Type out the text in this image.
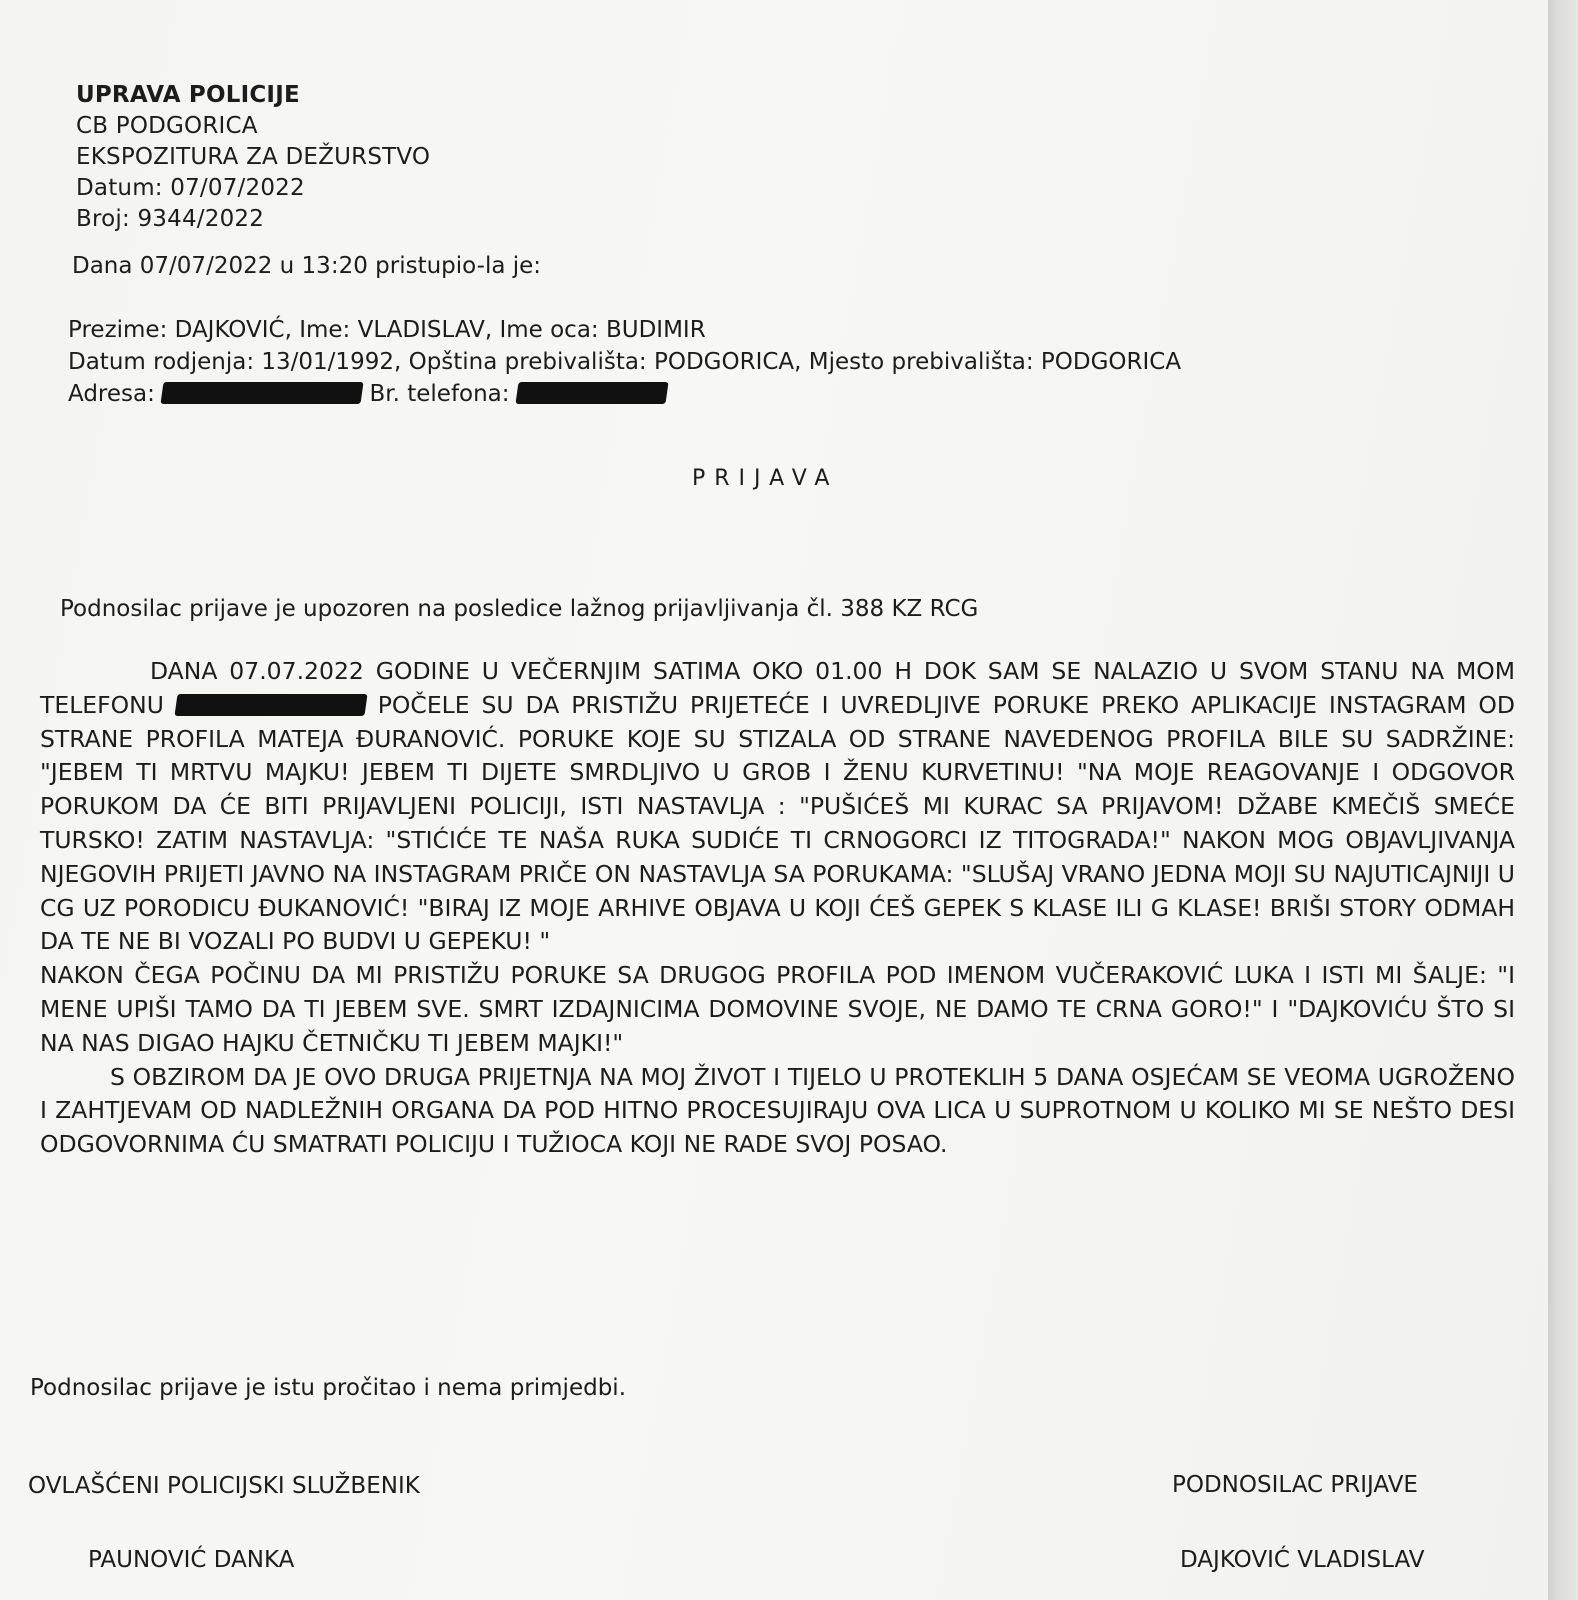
UPRAVA POLICIJE
CB PODGORICA
EKSPOZITURA ZA DEŽURSTVO
Datum: 07/07/2022
Broj: 9344/2022
Dana 07/07/2022 u 13:20 pristupio-la je:
Prezime: DAJKOVIĆ, Ime: VLADISLAV, Ime oca: BUDIMIR
Datum rodjenja: 13/01/1992, Opština prebivališta: PODGORICA, Mjesto prebivališta: PODGORICA
Adresa:	Br. telefona:
PRIJAVA
Podnosilac prijave je upozoren na posledice lažnog prijavljivanja čl. 388 KZ RCG

DANA 07.07.2022 GODINE U VEČERNJIM SATIMA OKO 01.00 H DOK SAM SE NALAZIO U SVOM STANU NA MOM TELEFONU	POČELE SU DA PRISTIŽU PRIJETEĆE I UVREDLJIVE PORUKE PREKO APLIKACIJE INSTAGRAM OD STRANE PROFILA MATEJA ĐURANOVIĆ. PORUKE KOJE SU STIZALA OD STRANE NAVEDENOG PROFILA BILE SU SADRŽINE: "JEBEM TI MRTVU MAJKU! JEBEM TI DIJETE SMRDLJIVO U GROB I ŽENU KURVETINU! "NA MOJE REAGOVANJE I ODGOVOR PORUKOM DA ĆE BITI PRIJAVLJENI POLICIJI, ISTI NASTAVLJA : "PUŠIĆEŠ MI KURAC SA PRIJAVOM! DŽABE KMEČIŠ SMEĆE TURSKO! ZATIM NASTAVLJA: "STIĆIĆE TE NAŠA RUKA SUDIĆE TI CRNOGORCI IZ TITOGRADA!" NAKON MOG OBJAVLJIVANJA NJEGOVIH PRIJETI JAVNO NA INSTAGRAM PRIČE ON NASTAVLJA SA PORUKAMA: "SLUŠAJ VRANO JEDNA MOJI SU NAJUTICAJNIJI U CG UZ PORODICU ĐUKANOVIĆ! "BIRAJ IZ MOJE ARHIVE OBJAVA U KOJI ĆEŠ GEPEK S KLASE ILI G KLASE! BRIŠI STORY ODMAH DA TE NE BI VOZALI PO BUDVI U GEPEKU! "

NAKON ČEGA POČINU DA MI PRISTIŽU PORUKE SA DRUGOG PROFILA POD IMENOM VUČERAKOVIĆ LUKA I ISTI MI ŠALJE: "I MENE UPIŠI TAMO DA TI JEBEM SVE. SMRT IZDAJNICIMA DOMOVINE SVOJE, NE DAMO TE CRNA GORO!" I "DAJKOVIĆU ŠTO SI NA NAS DIGAO HAJKU ČETNIČKU TI JEBEM MAJKI!"

S OBZIROM DA JE OVO DRUGA PRIJETNJA NA MOJ ŽIVOT I TIJELO U PROTEKLIH 5 DANA OSJEĆAM SE VEOMA UGROŽENO I ZAHTJEVAM OD NADLEŽNIH ORGANA DA POD HITNO PROCESUJIRAJU OVA LICA U SUPROTNOM U KOLIKO MI SE NEŠTO DESI ODGOVORNIMA ĆU SMATRATI POLICIJU I TUŽIOCA KOJI NE RADE SVOJ POSAO.

Podnosilac prijave je istu pročitao i nema primjedbi.
OVLAŠĆENI POLICIJSKI SLUŽBENIK
PAUNOVIĆ DANKA
PODNOSILAC PRIJAVE
DAJKOVIĆ VLADISLAV
